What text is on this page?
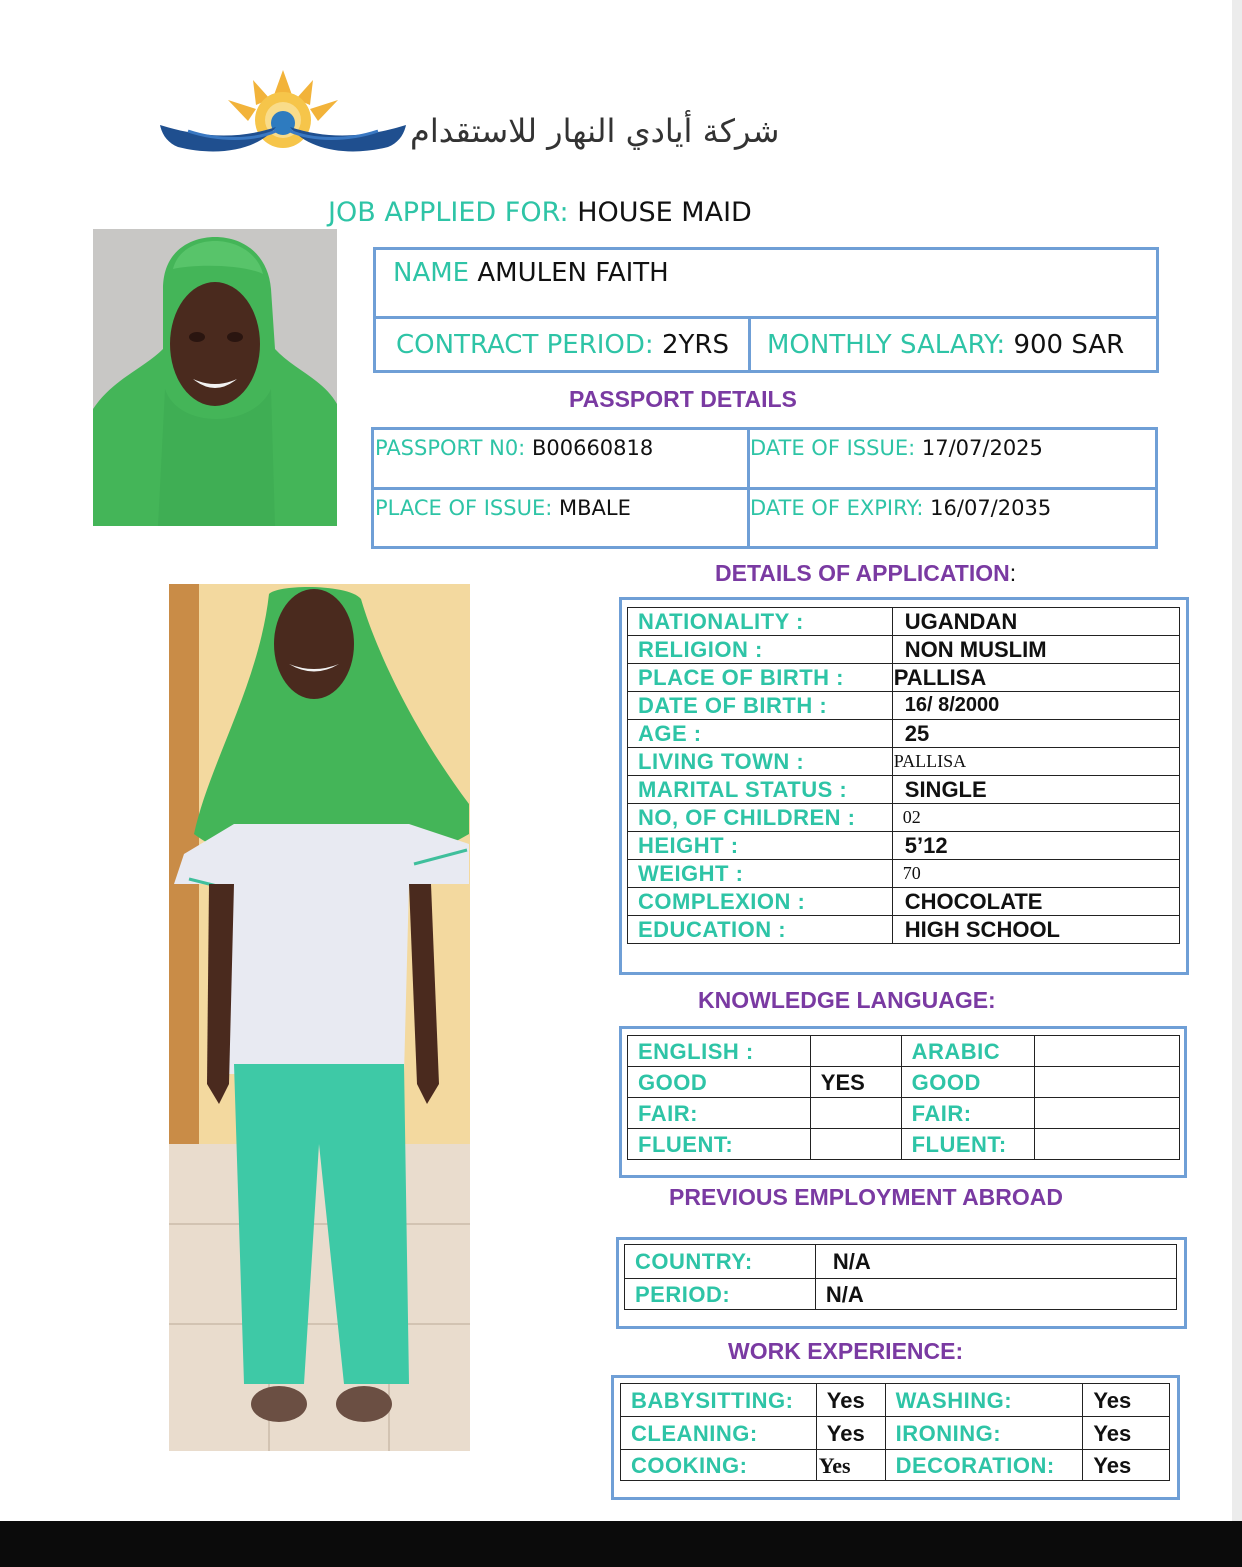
شركة أيادي النهار للاستقدام
JOB APPLIED FOR: HOUSE MAID
NAME AMULEN FAITH
CONTRACT PERIOD: 2YRS MONTHLY SALARY: 900 SAR
PASSPORT DETAILS
PASSPORT N0: B00660818	DATE OF ISSUE: 17/07/2025
PLACE OF ISSUE: MBALE	DATE OF EXPIRY: 16/07/2035
DETAILS OF APPLICATION:
NATIONALITY :	UGANDAN
RELIGION :	NON MUSLIM
PLACE OF BIRTH :	PALLISA
DATE OF BIRTH :	16/ 8/2000
AGE :	25
LIVING TOWN :	PALLISA
MARITAL STATUS :	SINGLE
NO, OF CHILDREN :	02
HEIGHT :	5’12
WEIGHT :	70
COMPLEXION :	CHOCOLATE
EDUCATION :	HIGH SCHOOL
KNOWLEDGE LANGUAGE:
ENGLISH :		ARABIC	
GOOD	YES	GOOD	
FAIR:		FAIR:	
FLUENT:		FLUENT:	
PREVIOUS EMPLOYMENT ABROAD
COUNTRY:	N/A
PERIOD:	N/A
WORK EXPERIENCE:
BABYSITTING:	Yes	WASHING:	Yes
CLEANING:	Yes	IRONING:	Yes
COOKING:	Yes	DECORATION:	Yes
